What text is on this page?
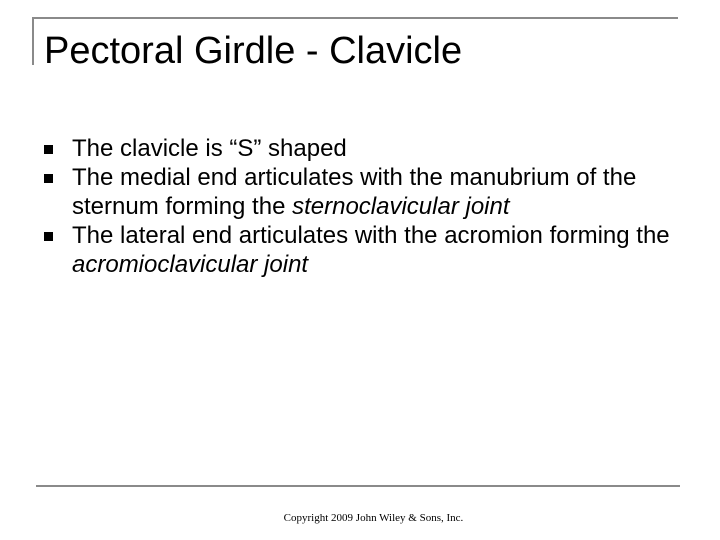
Pectoral Girdle - Clavicle
The clavicle is “S” shaped
The medial end articulates with the manubrium of the sternum forming the sternoclavicular joint
The lateral end articulates with the acromion forming the acromioclavicular joint
Copyright 2009 John Wiley & Sons, Inc.
